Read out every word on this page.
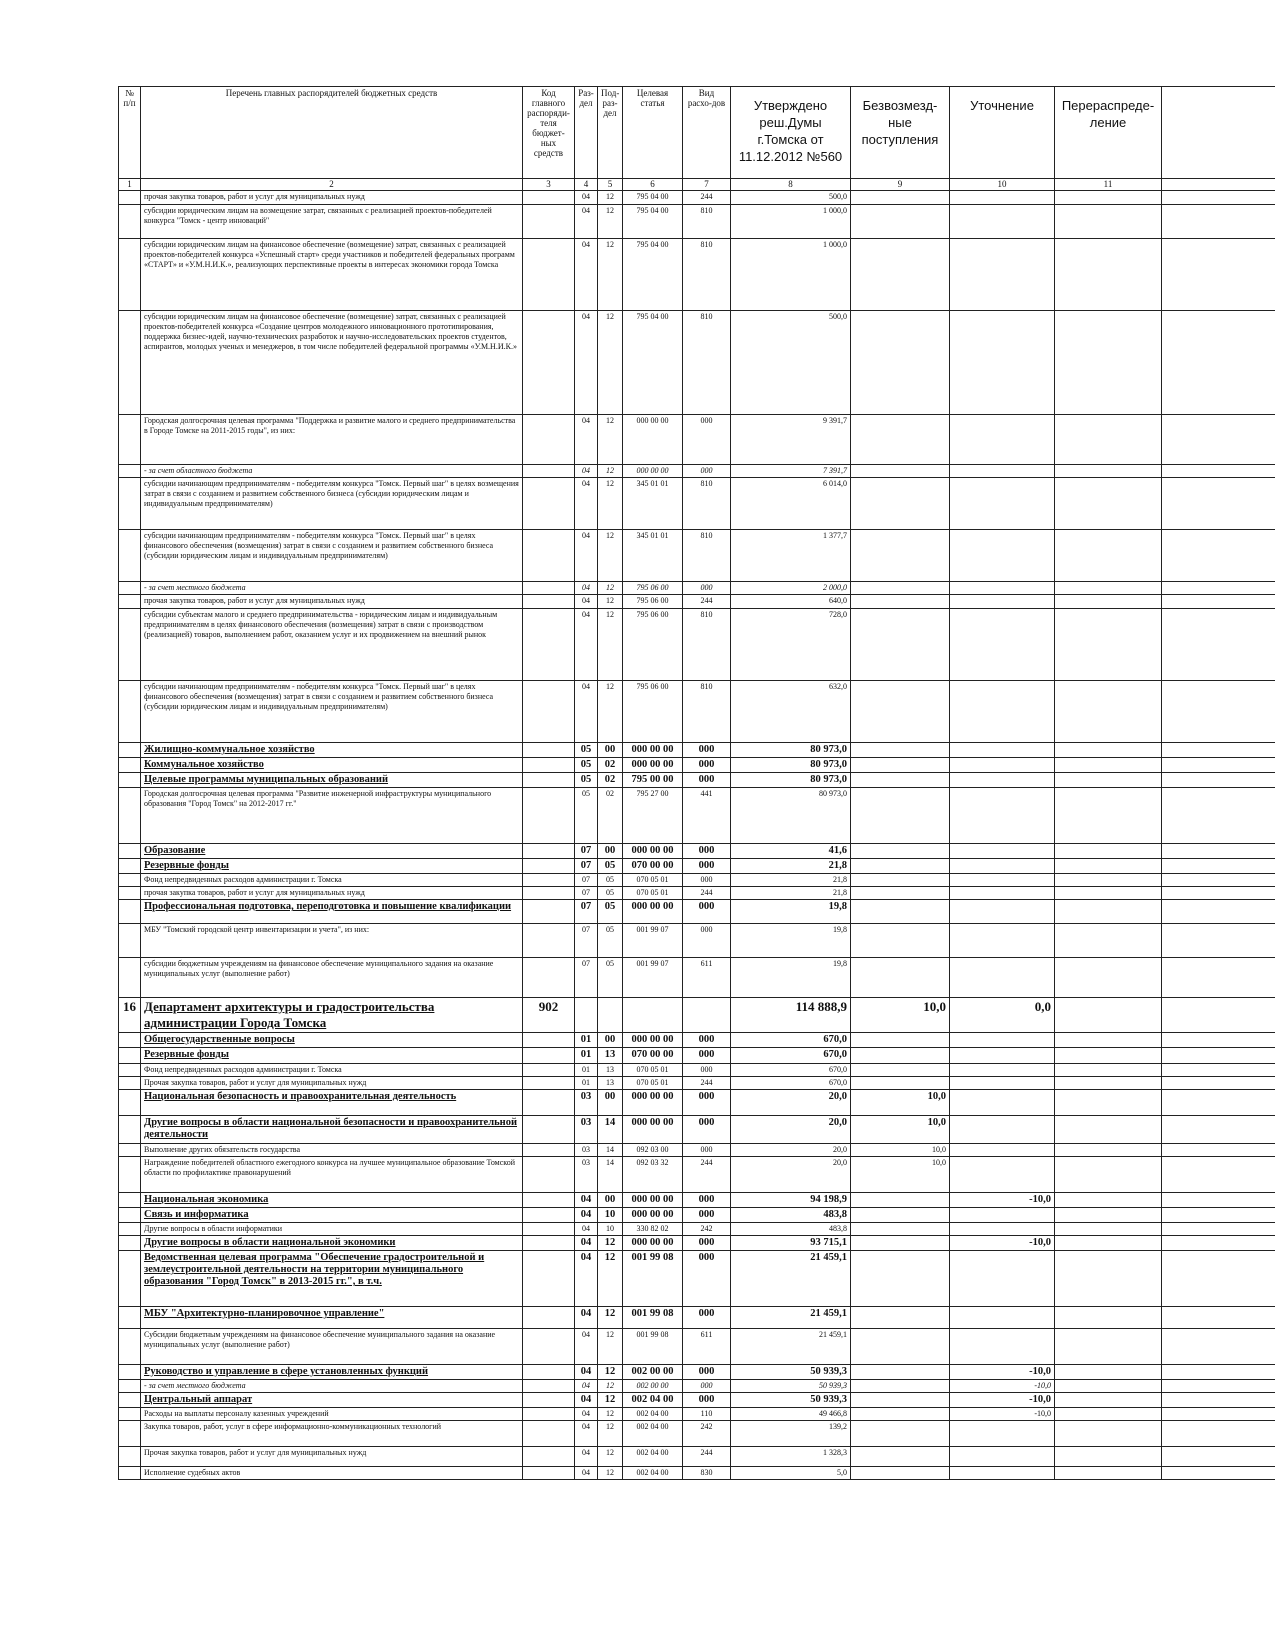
№ п/п	Перечень главных распорядителей бюджетных средств	Код главного распоряди-теля бюджет-ных средств	Раз-дел	Под-раз-дел	Целевая статья	Вид расхо-дов	Утверждено реш.Думы г.Томска от 11.12.2012 №560	Безвозмезд-ные поступления	Уточнение	Перераспреде-ление	
1	2	3	4	5	6	7	8	9	10	11	
	прочая закупка товаров, работ и услуг для муниципальных нужд		04	12	795 04 00	244	500,0				
	субсидии юридическим лицам на возмещение затрат, связанных с реализацией проектов-победителей конкурса "Томск - центр инноваций"		04	12	795 04 00	810	1 000,0				
	субсидии юридическим лицам на финансовое обеспечение (возмещение) затрат, связанных с реализацией проектов-победителей конкурса «Успешный старт» среди участников и победителей федеральных программ «СТАРТ» и «У.М.Н.И.К.», реализующих перспективные проекты в интересах экономики города Томска		04	12	795 04 00	810	1 000,0				
	субсидии юридическим лицам на финансовое обеспечение (возмещение) затрат, связанных с реализацией проектов-победителей конкурса «Создание центров молодежного инновационного прототипирования, поддержка бизнес-идей, научно-технических разработок и научно-исследовательских проектов студентов, аспирантов, молодых ученых и менеджеров, в том числе победителей федеральной программы «У.М.Н.И.К.»		04	12	795 04 00	810	500,0				
	Городская долгосрочная целевая программа "Поддержка и развитие малого и среднего предпринимательства в Городе Томске на 2011-2015 годы", из них:		04	12	000 00 00	000	9 391,7				
	- за счет областного бюджета		04	12	000 00 00	000	7 391,7				
	субсидии начинающим предпринимателям - победителям конкурса "Томск. Первый шаг" в целях возмещения затрат в связи с созданием и развитием собственного бизнеса (субсидии юридическим лицам и индивидуальным предпринимателям)		04	12	345 01 01	810	6 014,0				
	субсидии начинающим предпринимателям - победителям конкурса "Томск. Первый шаг" в целях финансового обеспечения (возмещения) затрат в связи с созданием и развитием собственного бизнеса (субсидии юридическим лицам и индивидуальным предпринимателям)		04	12	345 01 01	810	1 377,7				
	- за счет местного бюджета		04	12	795 06 00	000	2 000,0				
	прочая закупка товаров, работ и услуг для муниципальных нужд		04	12	795 06 00	244	640,0				
	субсидии субъектам малого и среднего предпринимательства - юридическим лицам и индивидуальным предпринимателям в целях финансового обеспечения (возмещения) затрат в связи с производством (реализацией) товаров, выполнением работ, оказанием услуг и их продвижением на внешний рынок		04	12	795 06 00	810	728,0				
	субсидии начинающим предпринимателям - победителям конкурса "Томск. Первый шаг" в целях финансового обеспечения (возмещения) затрат в связи с созданием и развитием собственного бизнеса (субсидии юридическим лицам и индивидуальным предпринимателям)		04	12	795 06 00	810	632,0				
	Жилищно-коммунальное хозяйство		05	00	000 00 00	000	80 973,0				
	Коммунальное хозяйство		05	02	000 00 00	000	80 973,0				
	Целевые программы муниципальных образований		05	02	795 00 00	000	80 973,0				
	Городская долгосрочная целевая программа "Развитие инженерной инфраструктуры муниципального образования "Город Томск" на 2012-2017 гг."		05	02	795 27 00	441	80 973,0				
	Образование		07	00	000 00 00	000	41,6				
	Резервные фонды		07	05	070 00 00	000	21,8				
	Фонд непредвиденных расходов администрации г. Томска		07	05	070 05 01	000	21,8				
	прочая закупка товаров, работ и услуг для муниципальных нужд		07	05	070 05 01	244	21,8				
	Профессиональная подготовка, переподготовка и повышение квалификации		07	05	000 00 00	000	19,8				
	МБУ "Томский городской центр инвентаризации и учета", из них:		07	05	001 99 07	000	19,8				
	субсидии бюджетным учреждениям на финансовое обеспечение муниципального задания на оказание муниципальных услуг (выполнение работ)		07	05	001 99 07	611	19,8				
16	Департамент архитектуры и градостроительства администрации Города Томска	902					114 888,9	10,0	0,0		
	Общегосударственные вопросы		01	00	000 00 00	000	670,0				
	Резервные фонды		01	13	070 00 00	000	670,0				
	Фонд непредвиденных расходов администрации г. Томска		01	13	070 05 01	000	670,0				
	Прочая закупка товаров, работ и услуг для муниципальных нужд		01	13	070 05 01	244	670,0				
	Национальная безопасность и правоохранительная деятельность		03	00	000 00 00	000	20,0	10,0			
	Другие вопросы в области национальной безопасности и правоохранительной деятельности		03	14	000 00 00	000	20,0	10,0			
	Выполнение других обязательств государства		03	14	092 03 00	000	20,0	10,0			
	Награждение победителей областного ежегодного конкурса на лучшее муниципальное образование Томской области по профилактике правонарушений		03	14	092 03 32	244	20,0	10,0			
	Национальная экономика		04	00	000 00 00	000	94 198,9		-10,0		
	Связь и информатика		04	10	000 00 00	000	483,8				
	Другие вопросы в области информатики		04	10	330 82 02	242	483,8				
	Другие вопросы в области национальной экономики		04	12	000 00 00	000	93 715,1		-10,0		
	Ведомственная целевая программа "Обеспечение градостроительной и землеустроительной деятельности на территории муниципального образования "Город Томск" в 2013-2015 гг.", в т.ч.		04	12	001 99 08	000	21 459,1				
	МБУ "Архитектурно-планировочное управление"		04	12	001 99 08	000	21 459,1				
	Субсидии бюджетным учреждениям на финансовое обеспечение муниципального задания на оказание муниципальных услуг (выполнение работ)		04	12	001 99 08	611	21 459,1				
	Руководство и управление в сфере установленных функций		04	12	002 00 00	000	50 939,3		-10,0		
	- за счет местного бюджета		04	12	002 00 00	000	50 939,3		-10,0		
	Центральный аппарат		04	12	002 04 00	000	50 939,3		-10,0		
	Расходы на выплаты персоналу казенных учреждений		04	12	002 04 00	110	49 466,8		-10,0		
	Закупка товаров, работ, услуг в сфере информационно-коммуникационных технологий		04	12	002 04 00	242	139,2				
	Прочая закупка товаров, работ и услуг для муниципальных нужд		04	12	002 04 00	244	1 328,3				
	Исполнение судебных актов		04	12	002 04 00	830	5,0				
